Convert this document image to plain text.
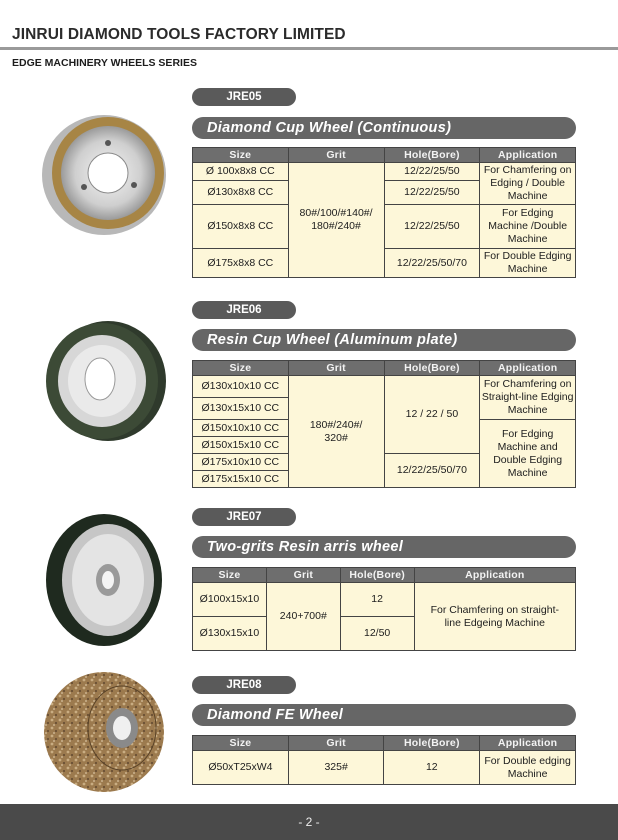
JINRUI DIAMOND TOOLS FACTORY LIMITED
EDGE MACHINERY WHEELS SERIES
JRE05
Diamond Cup Wheel (Continuous)
Size	Grit	Hole(Bore)	Application
Ø 100x8x8 CC	80#/100/#140#/ 180#/240#	12/22/25/50	For Chamfering on Edging / Double Machine
Ø130x8x8 CC		12/22/25/50	
Ø150x8x8 CC		12/22/25/50	For Edging Machine /Double Machine
Ø175x8x8 CC		12/22/25/50/70	For Double Edging Machine
JRE06
Resin Cup Wheel (Aluminum plate)
Size	Grit	Hole(Bore)	Application
Ø130x10x10 CC	180#/240#/ 320#	12 / 22 / 50	For Chamfering on Straight-line Edging Machine
Ø130x15x10 CC			
Ø150x10x10 CC			For Edging Machine and Double Edging Machine
Ø150x15x10 CC			
Ø175x10x10 CC		12/22/25/50/70	
Ø175x15x10 CC			
JRE07
Two-grits Resin arris wheel
Size	Grit	Hole(Bore)	Application
Ø100x15x10	240+700#	12	For Chamfering on straight-line Edgeing Machine
Ø130x15x10		12/50	
JRE08
Diamond FE Wheel
Size	Grit	Hole(Bore)	Application
Ø50xT25xW4	325#	12	For Double edging Machine
- 2 -
